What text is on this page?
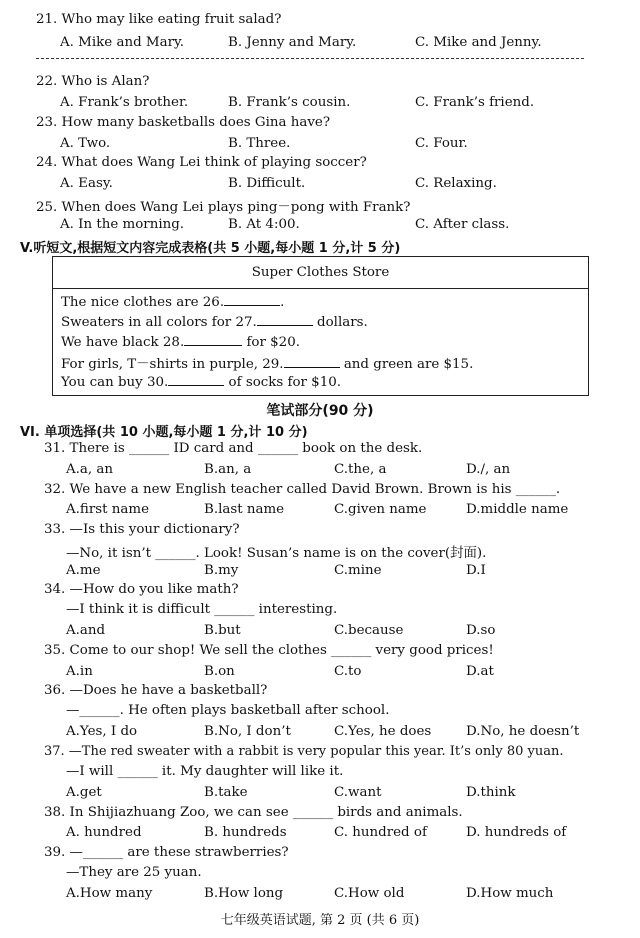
21. Who may like eating fruit salad?
A. Mike and Mary.	B. Jenny and Mary.	C. Mike and Jenny.
22. Who is Alan?
A. Frank’s brother.	B. Frank’s cousin.	C. Frank’s friend.
23. How many basketballs does Gina have?
A. Two.	B. Three.	C. Four.
24. What does Wang Lei think of playing soccer?
A. Easy.	B. Difficult.	C. Relaxing.
25. When does Wang Lei plays ping－pong with Frank?
A. In the morning.	B. At 4:00.	C. After class.
V.听短文,根据短文内容完成表格(共 5 小题,每小题 1 分,计 5 分)
Super Clothes Store
The nice clothes are 26.	.
Sweaters in all colors for 27.	dollars.
We have black 28.	for $20.
For girls, T－shirts in purple, 29.	and green are $15.
You can buy 30.	of socks for $10.
笔试部分(90 分)
VI. 单项选择(共 10 小题,每小题 1 分,计 10 分)
31. There is ______ ID card and ______ book on the desk.
A.a, an	B.an, a	C.the, a	D./, an
32. We have a new English teacher called David Brown. Brown is his ______.
A.first name	B.last name	C.given name	D.middle name
33. —Is this your dictionary?
—No, it isn’t ______. Look! Susan’s name is on the cover(封面).
A.me	B.my	C.mine	D.I
34. —How do you like math?
—I think it is difficult ______ interesting.
A.and	B.but	C.because	D.so
35. Come to our shop! We sell the clothes ______ very good prices!
A.in	B.on	C.to	D.at
36. —Does he have a basketball?
—______. He often plays basketball after school.
A.Yes, I do	B.No, I don’t	C.Yes, he does	D.No, he doesn’t
37. —The red sweater with a rabbit is very popular this year. It’s only 80 yuan.
—I will ______ it. My daughter will like it.
A.get	B.take	C.want	D.think
38. In Shijiazhuang Zoo, we can see ______ birds and animals.
A. hundred	B. hundreds	C. hundred of	D. hundreds of
39. —______ are these strawberries?
—They are 25 yuan.
A.How many	B.How long	C.How old	D.How much
七年级英语试题, 第 2 页 (共 6 页)
